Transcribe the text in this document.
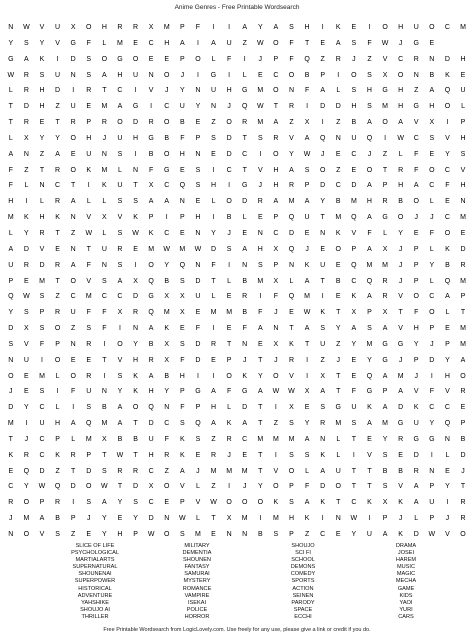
Anime Genres - Free Printable Wordsearch
N	W	V	U	X	O	H	R	R	X	M	P	F	I	I	A	Y	A	S	H	I	K	E	I	O	H	U	O	C	M
Y	S	Y	V	G	F	L	M	E	C	H	A	I	A	U	Z	W	O	F	T	E	A	S	F	W	J	G	E
G	A	K	I	D	S	O	G	O	E	E	P	O	L	F	I	J	P	F	Q	Z	R	J	Z	V	C	R	N	D	H
W	R	S	U	N	S	A	H	U	N	O	J	I	G	I	L	E	C	O	B	P	I	O	S	X	O	N	B	K	E
L	R	H	D	I	R	T	C	I	V	J	Y	N	U	H	G	M	O	N	F	A	L	S	H	G	H	Z	A	Q	U
T	D	H	Z	U	E	M	A	G	I	C	U	Y	N	J	Q	W	T	R	I	D	D	H	S	M	H	G	H	O	L
T	R	E	T	R	P	R	O	D	R	O	B	E	Z	O	R	M	A	Z	X	I	Z	B	A	O	A	V	X	I	P
L	X	Y	Y	O	H	J	U	H	G	B	F	P	S	D	T	S	R	V	A	Q	N	U	Q	I	W	C	S	V	H
A	N	Z	A	E	U	N	S	I	B	O	H	N	E	D	C	I	O	Y	W	J	E	C	J	Z	L	F	E	Y	S
F	Z	T	R	O	K	M	L	N	F	G	E	S	I	C	T	V	H	A	S	O	Z	E	O	T	R	F	O	C	V
F	L	N	C	T	I	K	U	T	X	C	Q	S	H	I	G	J	H	R	P	D	C	D	A	P	H	A	C	F	H
H	I	L	R	A	L	L	S	S	A	A	N	E	L	O	D	R	A	M	A	Y	B	M	H	R	B	O	L	E	N
M	K	H	K	N	V	X	V	K	P	I	P	H	I	B	L	E	P	Q	U	T	M	Q	A	G	O	J	J	C	M
L	Y	R	T	Z	W	L	S	W	K	C	E	N	Y	J	E	N	C	D	E	N	K	V	F	L	Y	E	F	O	E
A	D	V	E	N	T	U	R	E	M	W	M	W	D	S	A	H	X	Q	J	E	O	P	A	X	J	P	L	K	D
U	R	D	R	A	F	N	S	I	O	Y	Q	N	F	I	N	S	P	N	K	U	E	Q	M	M	J	P	Y	B	R
P	E	M	T	O	V	S	A	X	Q	B	S	D	T	L	B	M	X	L	A	T	B	C	Q	R	J	P	L	Q	M
Q	W	S	Z	C	M	C	C	D	G	X	X	U	L	E	R	I	F	Q	M	I	E	K	A	R	V	O	C	A	P
Y	S	P	R	U	F	F	X	R	Q	M	X	E	M	M	B	F	J	E	W	K	T	X	P	X	T	F	O	L	T
D	X	S	O	Z	S	F	I	N	A	K	E	F	I	E	F	A	N	T	A	S	Y	A	S	A	V	H	P	E	M
S	V	F	P	N	R	I	O	Y	B	X	S	D	R	T	N	E	X	K	T	U	Z	Y	M	G	G	Y	J	P	M
N	U	I	O	E	E	T	V	H	R	X	F	D	E	P	J	T	J	R	I	Z	J	E	Y	G	J	P	D	Y	A
O	E	M	L	O	R	I	S	K	A	B	H	I	I	O	K	Y	O	V	I	X	T	E	Q	A	M	J	I	H	O
J	E	S	I	F	U	N	Y	K	H	Y	P	G	A	F	G	A	W	W	X	A	T	F	G	P	A	V	F	V	R
D	Y	C	L	I	S	B	A	O	Q	N	F	P	H	L	D	T	I	X	E	S	G	U	K	A	D	K	C	C	E
M	I	U	H	A	Q	M	A	T	D	C	S	Q	A	K	A	T	Z	S	Y	R	M	S	A	M	G	U	Y	Q	P
T	J	C	P	L	M	X	B	B	U	F	K	S	Z	R	C	M	M	M	A	N	L	T	E	Y	R	G	G	N	B
K	R	C	K	R	P	T	W	T	H	R	K	E	R	J	E	T	I	S	S	K	L	I	V	S	E	D	I	L	D
E	Q	D	Z	T	D	S	R	R	C	Z	A	J	M	M	M	T	V	O	L	A	U	T	T	B	B	R	N	E	J
C	Y	W	Q	D	O	W	T	D	X	O	V	L	Z	I	J	Y	O	P	F	D	O	T	T	S	V	A	P	Y	T
R	O	P	R	I	S	A	Y	S	C	E	P	V	W	O	O	O	K	S	A	K	T	C	K	X	K	A	U	I	R
J	M	A	B	P	J	Y	E	Y	D	N	W	L	T	X	M	I	M	H	K	I	N	W	I	P	J	L	P	J	R
N	O	V	S	Z	E	Y	H	P	W	O	S	M	E	N	N	B	S	P	Z	C	E	Y	U	A	K	D	W	V	O
SLICE OF LIFE
PSYCHOLOGICAL
MARTIALARTS
SUPERNATURAL
SHOUNENAI
SUPERPOWER
HISTORICAL
ADVENTURE
YAHSHIKE
SHOUJO AI
THRILLER
MILITARY
DEMENTIA
SHOUNEN
FANTASY
SAMURAI
MYSTERY
ROMANCE
VAMPIRE
ISEKAI
POLICE
HORROR
SHOUJO
SCI FI
SCHOOL
DEMONS
COMEDY
SPORTS
ACTION
SEINEN
PARODY
SPACE
ECCHI
DRAMA
JOSEI
HAREM
MUSIC
MAGIC
MECHA
GAME
KIDS
YAOI
YURI
CARS
Free Printable Wordsearch from LogicLovely.com. Use freely for any use, please give a link or credit if you do.
